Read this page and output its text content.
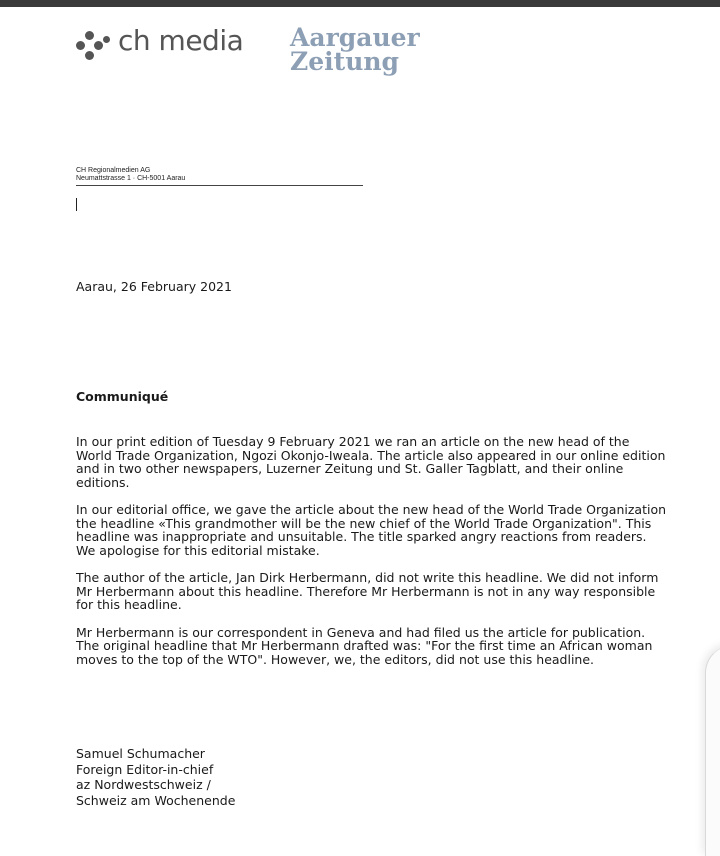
ch media Aargauer
Zeitung
CH Regionalmedien AG
Neumattstrasse 1 · CH-5001 Aarau
Aarau, 26 February 2021
Communiqué

In our print edition of Tuesday 9 February 2021 we ran an article on the new head of the World Trade Organization, Ngozi Okonjo-Iweala. The article also appeared in our online edition and in two other newspapers, Luzerner Zeitung und St. Galler Tagblatt, and their online editions.

In our editorial office, we gave the article about the new head of the World Trade Organization the headline «This grandmother will be the new chief of the World Trade Organization". This headline was inappropriate and unsuitable. The title sparked angry reactions from readers. We apologise for this editorial mistake.

The author of the article, Jan Dirk Herbermann, did not write this headline. We did not inform Mr Herbermann about this headline. Therefore Mr Herbermann is not in any way responsible for this headline.

Mr Herbermann is our correspondent in Geneva and had filed us the article for publication. The original headline that Mr Herbermann drafted was: "For the first time an African woman moves to the top of the WTO". However, we, the editors, did not use this headline.

Samuel Schumacher
Foreign Editor-in-chief
az Nordwestschweiz /
Schweiz am Wochenende
